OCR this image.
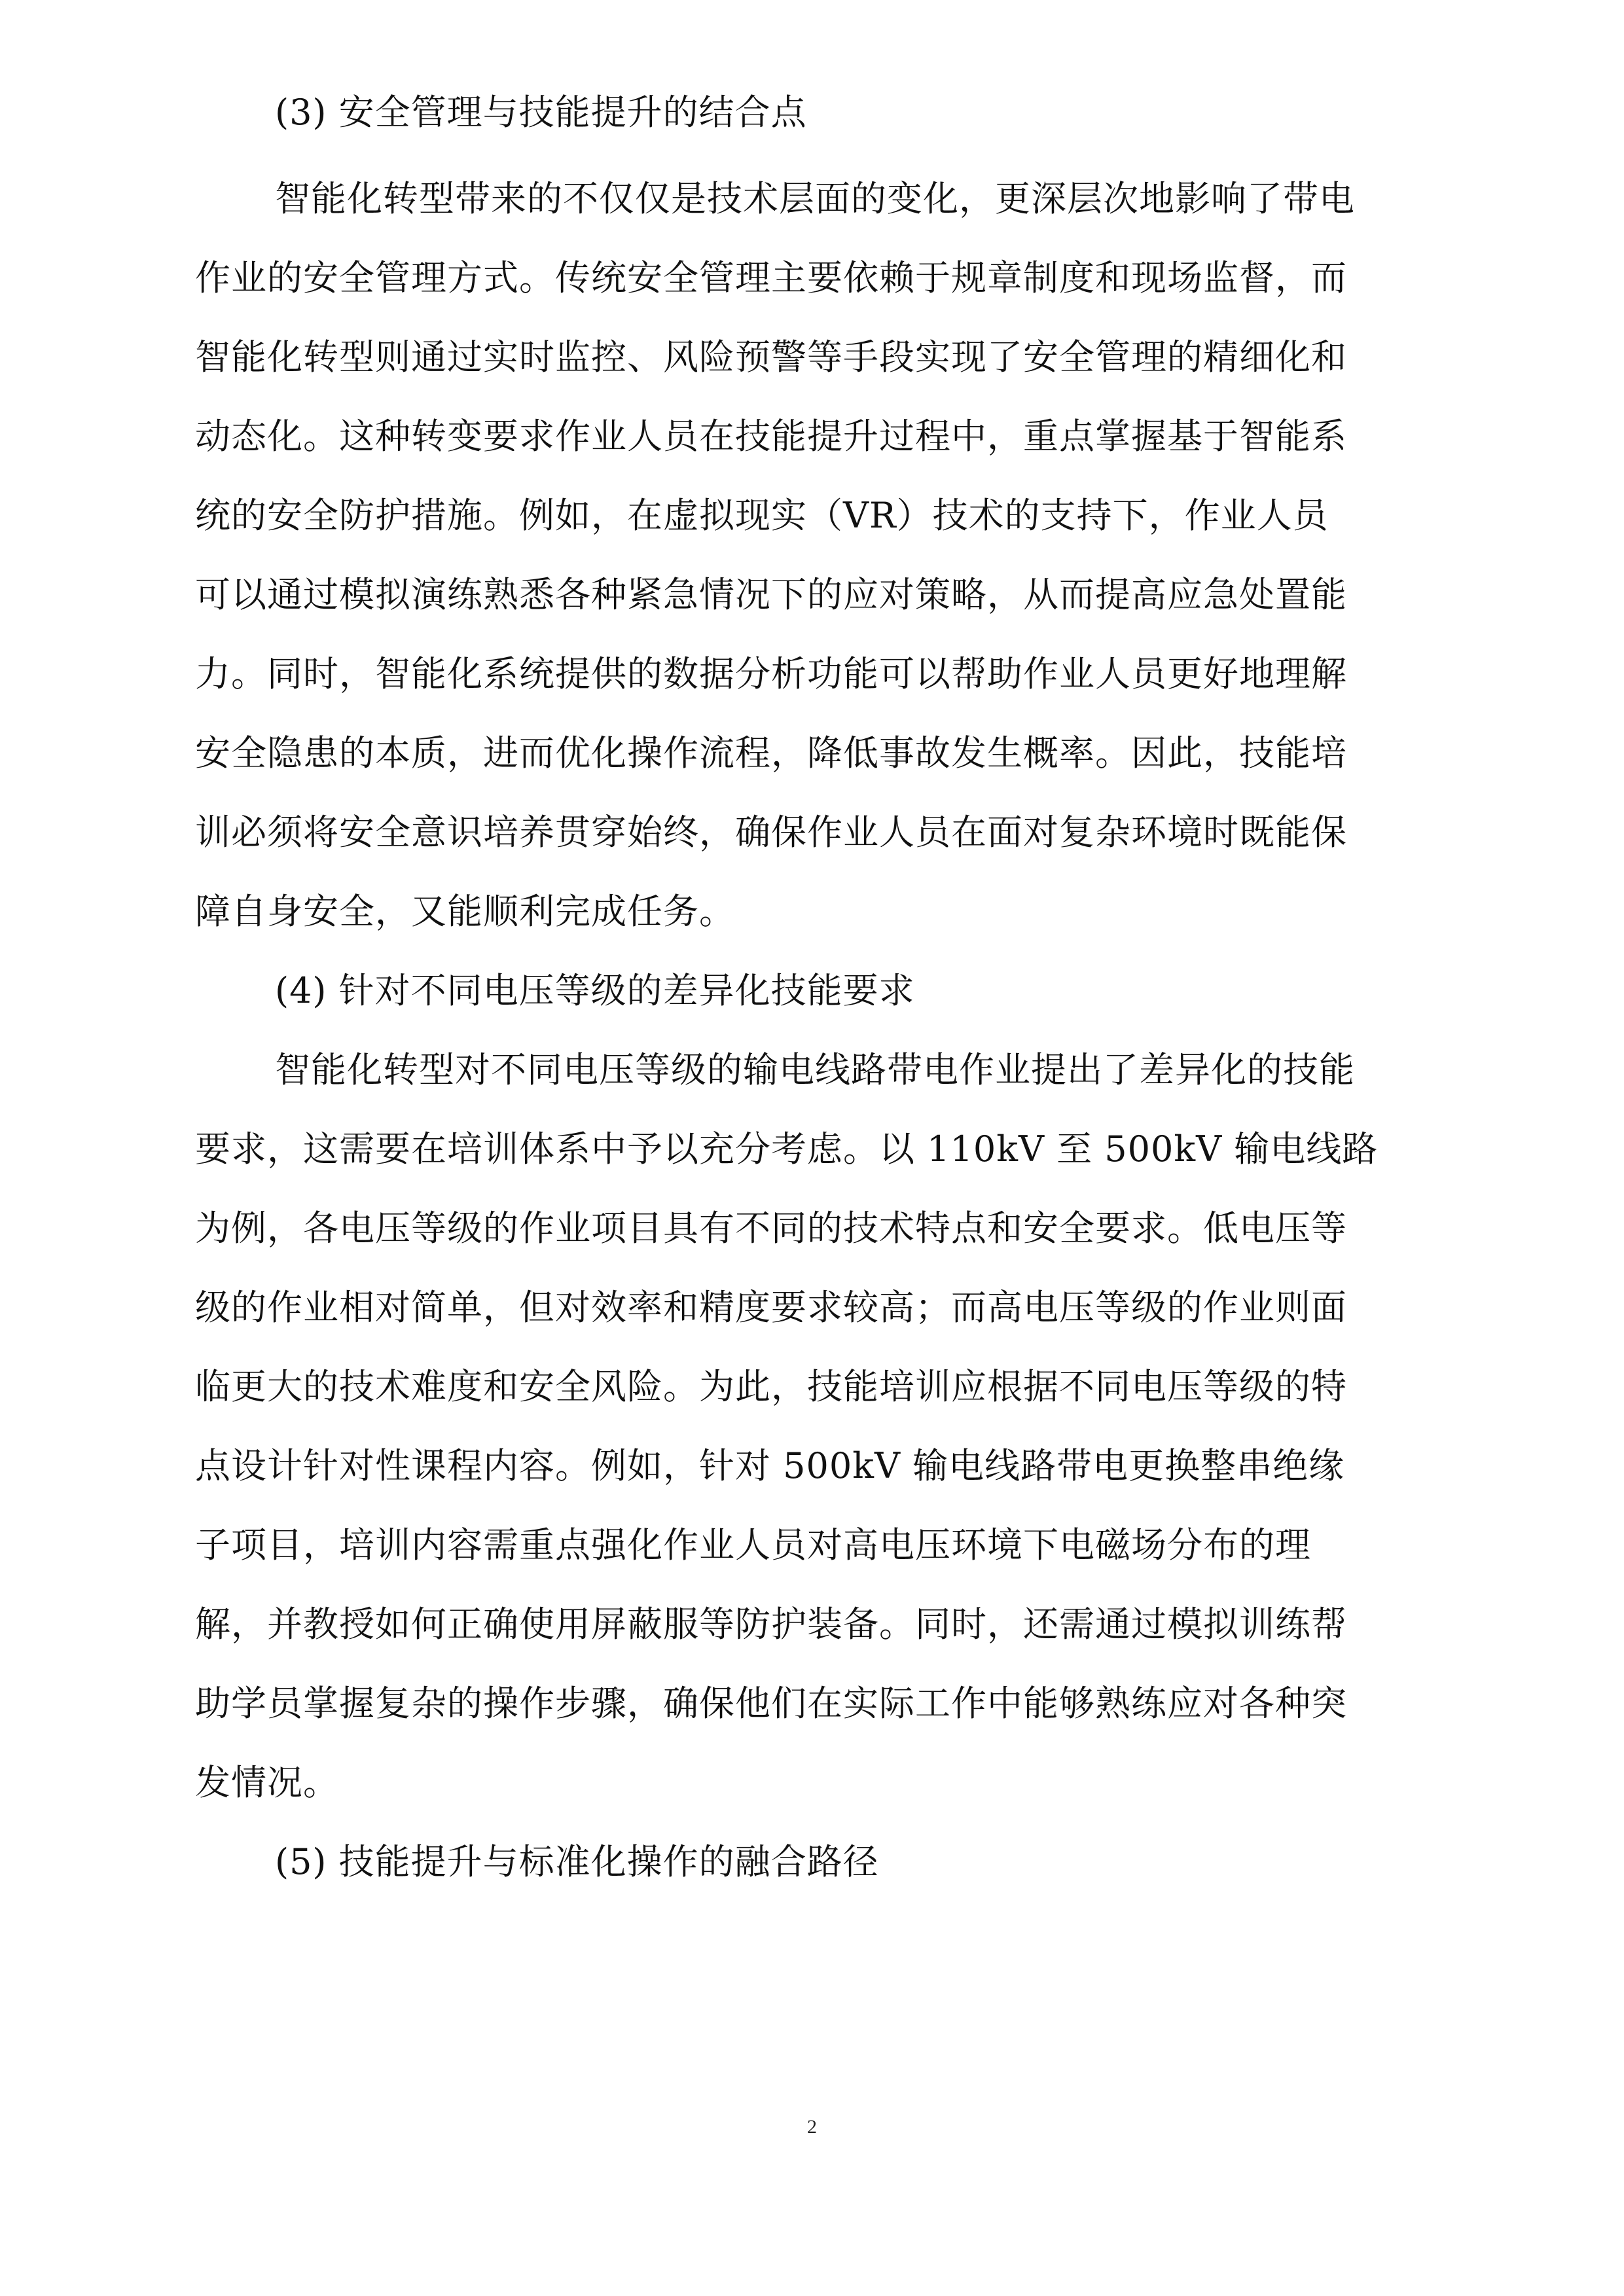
(3) 安全管理与技能提升的结合点
智能化转型带来的不仅仅是技术层面的变化，更深层次地影响了带电
作业的安全管理方式。传统安全管理主要依赖于规章制度和现场监督，而
智能化转型则通过实时监控、风险预警等手段实现了安全管理的精细化和
动态化。这种转变要求作业人员在技能提升过程中，重点掌握基于智能系
统的安全防护措施。例如，在虚拟现实（VR）技术的支持下，作业人员
可以通过模拟演练熟悉各种紧急情况下的应对策略，从而提高应急处置能
力。同时，智能化系统提供的数据分析功能可以帮助作业人员更好地理解
安全隐患的本质，进而优化操作流程，降低事故发生概率。因此，技能培
训必须将安全意识培养贯穿始终，确保作业人员在面对复杂环境时既能保
障自身安全，又能顺利完成任务。
(4) 针对不同电压等级的差异化技能要求
智能化转型对不同电压等级的输电线路带电作业提出了差异化的技能
要求，这需要在培训体系中予以充分考虑。以 110kV 至 500kV 输电线路
为例，各电压等级的作业项目具有不同的技术特点和安全要求。低电压等
级的作业相对简单，但对效率和精度要求较高；而高电压等级的作业则面
临更大的技术难度和安全风险。为此，技能培训应根据不同电压等级的特
点设计针对性课程内容。例如，针对 500kV 输电线路带电更换整串绝缘
子项目，培训内容需重点强化作业人员对高电压环境下电磁场分布的理
解，并教授如何正确使用屏蔽服等防护装备。同时，还需通过模拟训练帮
助学员掌握复杂的操作步骤，确保他们在实际工作中能够熟练应对各种突
发情况。
(5) 技能提升与标准化操作的融合路径
2
